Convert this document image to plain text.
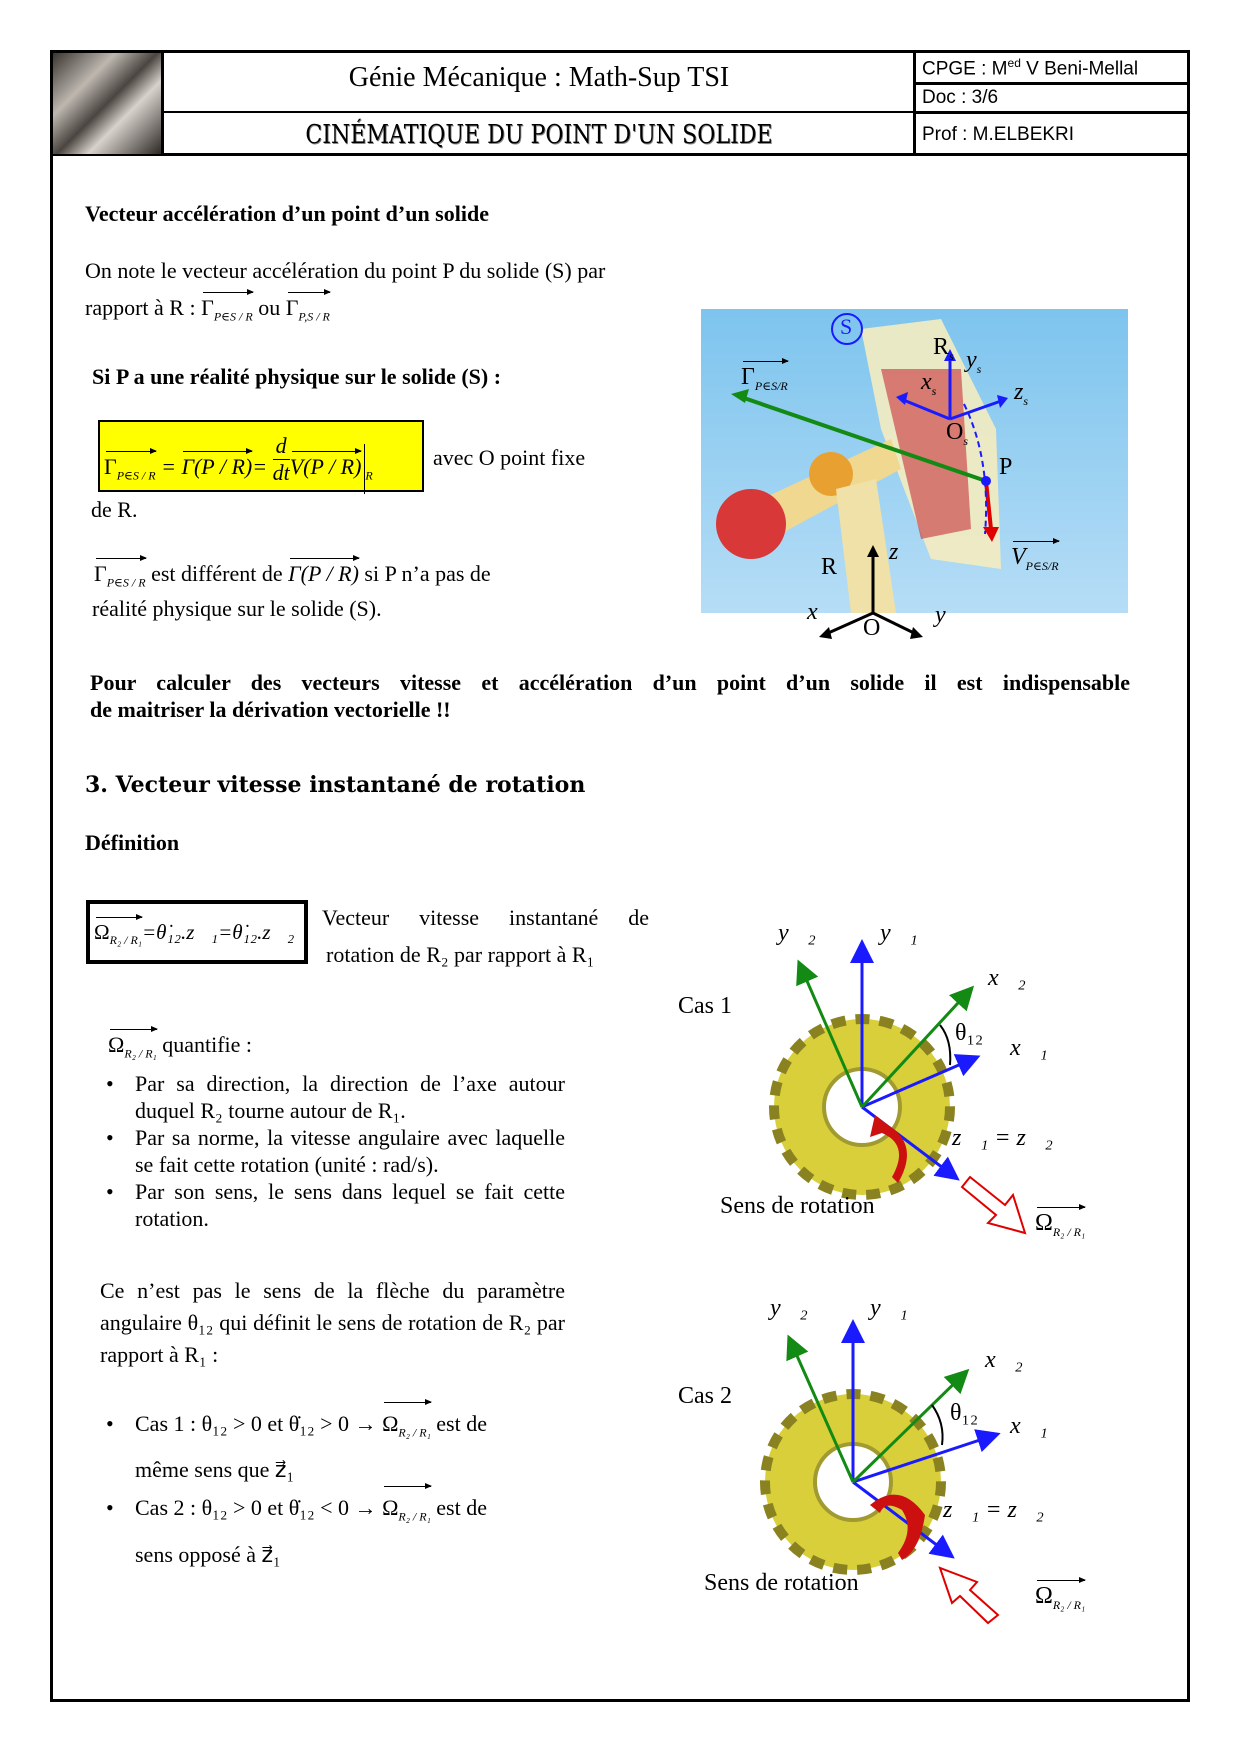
Génie Mécanique : Math-Sup TSI
CINÉMATIQUE DU POINT D'UN SOLIDE
CPGE : $M^{ed}$ V Beni-Mellal
Doc : 3/6
Prof : M.ELBEKRI
Vecteur accélération d’un point d’un solide
On note le vecteur accélération du point P du solide (S) par
rapport à R : $\Gamma_{P\in S / R}$ ou $\Gamma_{P,S / R}$
Si P a une réalité physique sur le solide (S) :
$\Gamma_{P\in S / R} = \Gamma(P / R)= \frac{d}{dt} V(P / R)$ $_R$
avec O point fixe
de R.
$\Gamma_{P\in S / R}$ est différent de Γ(P / R) si P n’a pas de
réalité physique sur le solide (S).
S
$R_s$ $y_s$
$x_s$	$z_s$
$O_s$
P
$\Gamma_{P\in S/R}$
$V_{P\in S/R}$
R
z
x	y
O
Pour calculer des vecteurs vitesse et accélération d’un point d’un solide il est indispensable
de maitriser la dérivation vectorielle !!
3. Vecteur vitesse instantané de rotation
Définition
$\Omega_{R_2 / R_1}=\thetȧ_{12}.z⃗_1=\thetȧ_{12}.z⃗_2$
Vecteur vitesse instantané de
rotation de R₂ par rapport à R₁
$\Omega_{R_2 / R_1}$ quantifie :
• Par sa direction, la direction de l’axe autour duquel R₂ tourne autour de R₁.
• Par sa norme, la vitesse angulaire avec laquelle se fait cette rotation (unité : rad/s).
• Par son sens, le sens dans lequel se fait cette rotation.
Ce n’est pas le sens de la flèche du paramètre angulaire θ₁₂ qui définit le sens de rotation de R₂ par rapport à R₁ :
• Cas 1 : θ₁₂ > 0 et θ̇₁₂ > $0 \to \Omega_{R_2 / R_1}$ est de
même sens que z⃗₁
• Cas 2 : θ₁₂ > 0 et θ̇₁₂ < $0 \to \Omega_{R_2 / R_1}$ est de
sens opposé à z⃗₁
Cas 1
y⃗₂	y⃗₁
x⃗₂
θ₁₂
x⃗₁
z⃗₁ = z⃗₂
Sens de rotation
$\Omega_{R_2 / R_1}$
Cas 2
y⃗₂	y⃗₁
x⃗₂
θ₁₂ x⃗₁
z⃗₁ = z⃗₂
Sens de rotation	$\Omega_{R_2 / R_1}$
